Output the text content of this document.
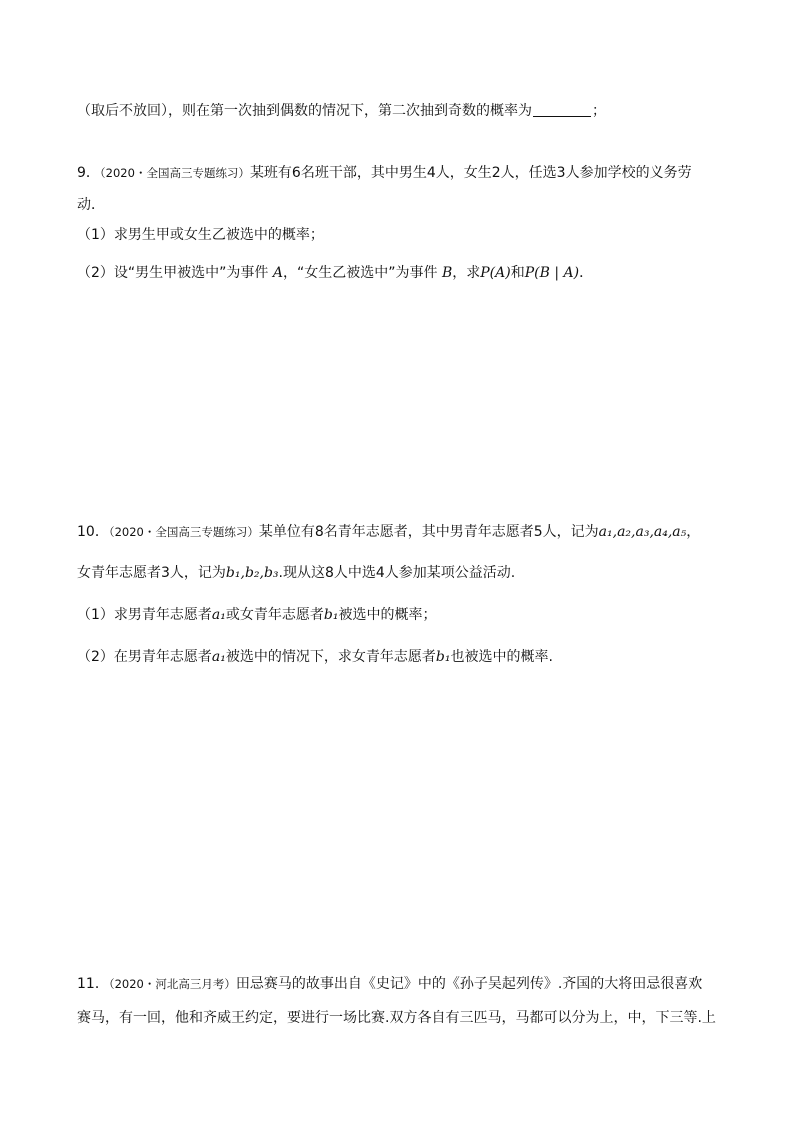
（取后不放回），则在第一次抽到偶数的情况下，第二次抽到奇数的概率为	；
9．（2020・全国高三专题练习）某班有6名班干部，其中男生4人，女生2人，任选3人参加学校的义务劳
动．
（1）求男生甲或女生乙被选中的概率；
（2）设“男生甲被选中”为事件 A，“女生乙被选中”为事件 B，求P(A)和P(B | A)．
10．（2020・全国高三专题练习）某单位有8名青年志愿者，其中男青年志愿者5人，记为a₁,a₂,a₃,a₄,a₅，
女青年志愿者3人，记为b₁,b₂,b₃.现从这8人中选4人参加某项公益活动.
（1）求男青年志愿者a₁或女青年志愿者b₁被选中的概率；
（2）在男青年志愿者a₁被选中的情况下，求女青年志愿者b₁也被选中的概率.
11．（2020・河北高三月考）田忌赛马的故事出自《史记》中的《孙子吴起列传》.齐国的大将田忌很喜欢
赛马，有一回，他和齐威王约定，要进行一场比赛.双方各自有三匹马，马都可以分为上，中，下三等.上
